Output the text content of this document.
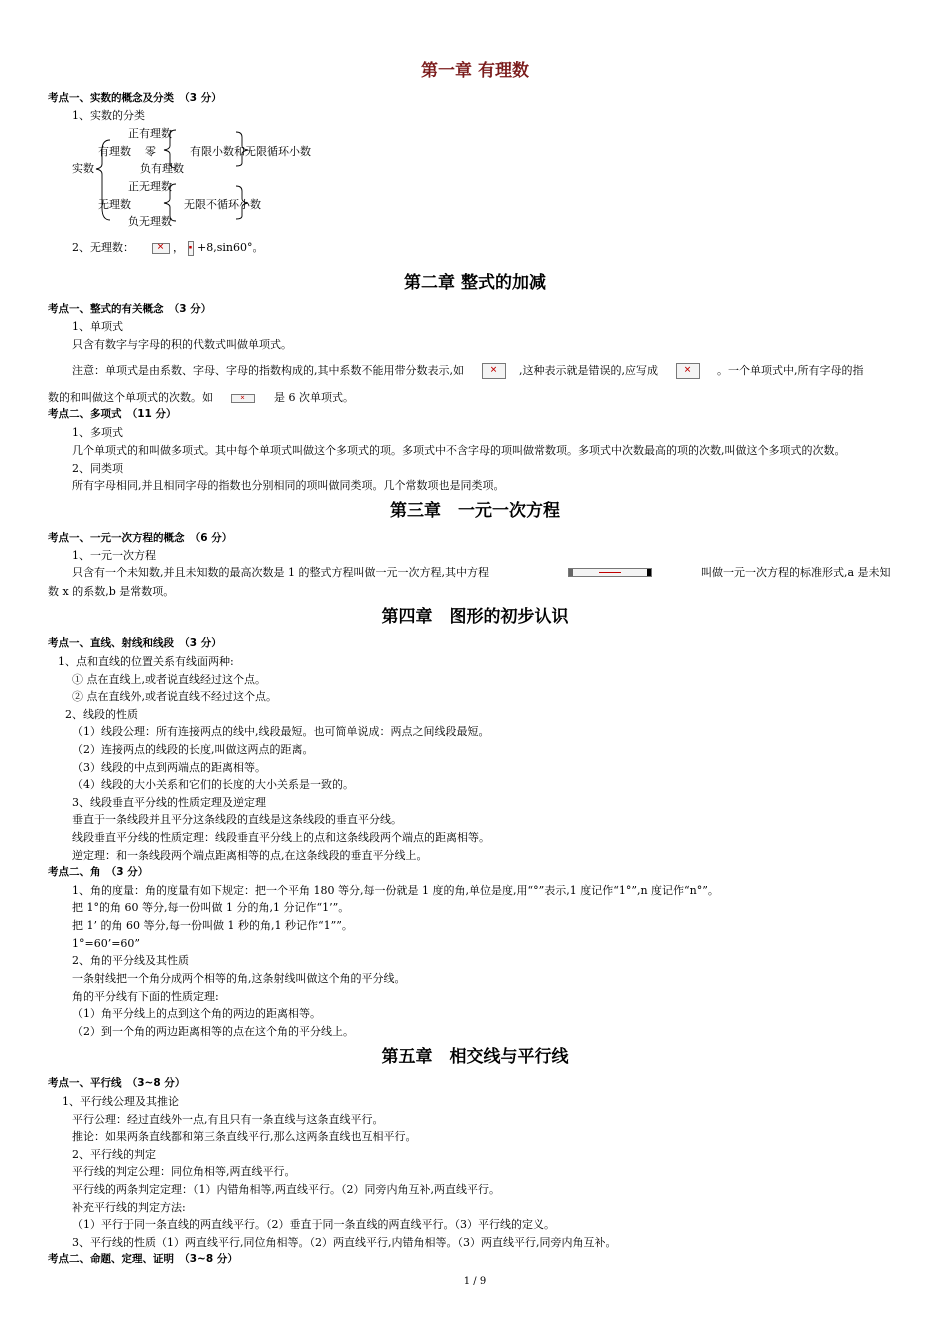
第一章 有理数
考点一、实数的概念及分类　（3 分）
1、实数的分类
正有理数
有理数 零	有限小数和无限循环小数
实数	负有理数
正无理数
无理数	无限不循环小数
负无理数
2、无理数：	✕ ， ▪ +8,sin60°。
第二章 整式的加减
考点一、整式的有关概念　（3 分）
1、单项式
只含有数字与字母的积的代数式叫做单项式。
注意：单项式是由系数、字母、字母的指数构成的,其中系数不能用带分数表示,如	✕	,这种表示就是错误的,应写成	✕	。一个单项式中,所有字母的指
数的和叫做这个单项式的次数。如	✕	是 6 次单项式。
考点二、多项式　（11 分）
1、多项式
几个单项式的和叫做多项式。其中每个单项式叫做这个多项式的项。多项式中不含字母的项叫做常数项。多项式中次数最高的项的次数,叫做这个多项式的次数。
2、同类项
所有字母相同,并且相同字母的指数也分别相同的项叫做同类项。几个常数项也是同类项。
第三章　一元一次方程
考点一、一元一次方程的概念　（6 分）
1、一元一次方程
只含有一个未知数,并且未知数的最高次数是 1 的整式方程叫做一元一次方程,其中方程	叫做一元一次方程的标准形式,a 是未知
数 x 的系数,b 是常数项。
第四章　图形的初步认识
考点一、直线、射线和线段　（3 分）
1、点和直线的位置关系有线面两种:
① 点在直线上,或者说直线经过这个点。
② 点在直线外,或者说直线不经过这个点。
2、线段的性质
（1）线段公理：所有连接两点的线中,线段最短。也可简单说成：两点之间线段最短。
（2）连接两点的线段的长度,叫做这两点的距离。
（3）线段的中点到两端点的距离相等。
（4）线段的大小关系和它们的长度的大小关系是一致的。
3、线段垂直平分线的性质定理及逆定理
垂直于一条线段并且平分这条线段的直线是这条线段的垂直平分线。
线段垂直平分线的性质定理：线段垂直平分线上的点和这条线段两个端点的距离相等。
逆定理：和一条线段两个端点距离相等的点,在这条线段的垂直平分线上。
考点二、角　（3 分）
1、角的度量：角的度量有如下规定：把一个平角 180 等分,每一份就是 1 度的角,单位是度,用“°”表示,1 度记作“1°”,n 度记作“n°”。
把 1°的角 60 等分,每一份叫做 1 分的角,1 分记作“1’”。
把 1’ 的角 60 等分,每一份叫做 1 秒的角,1 秒记作“1””。
1°=60’=60”
2、角的平分线及其性质
一条射线把一个角分成两个相等的角,这条射线叫做这个角的平分线。
角的平分线有下面的性质定理:
（1）角平分线上的点到这个角的两边的距离相等。
（2）到一个角的两边距离相等的点在这个角的平分线上。
第五章　相交线与平行线
考点一、平行线　（3~8 分）
1、平行线公理及其推论
平行公理：经过直线外一点,有且只有一条直线与这条直线平行。
推论：如果两条直线都和第三条直线平行,那么这两条直线也互相平行。
2、平行线的判定
平行线的判定公理：同位角相等,两直线平行。
平行线的两条判定定理：（1）内错角相等,两直线平行。（2）同旁内角互补,两直线平行。
补充平行线的判定方法:
（1）平行于同一条直线的两直线平行。（2）垂直于同一条直线的两直线平行。（3）平行线的定义。
3、平行线的性质（1）两直线平行,同位角相等。（2）两直线平行,内错角相等。（3）两直线平行,同旁内角互补。
考点二、命题、定理、证明　（3~8 分）
1 / 9
